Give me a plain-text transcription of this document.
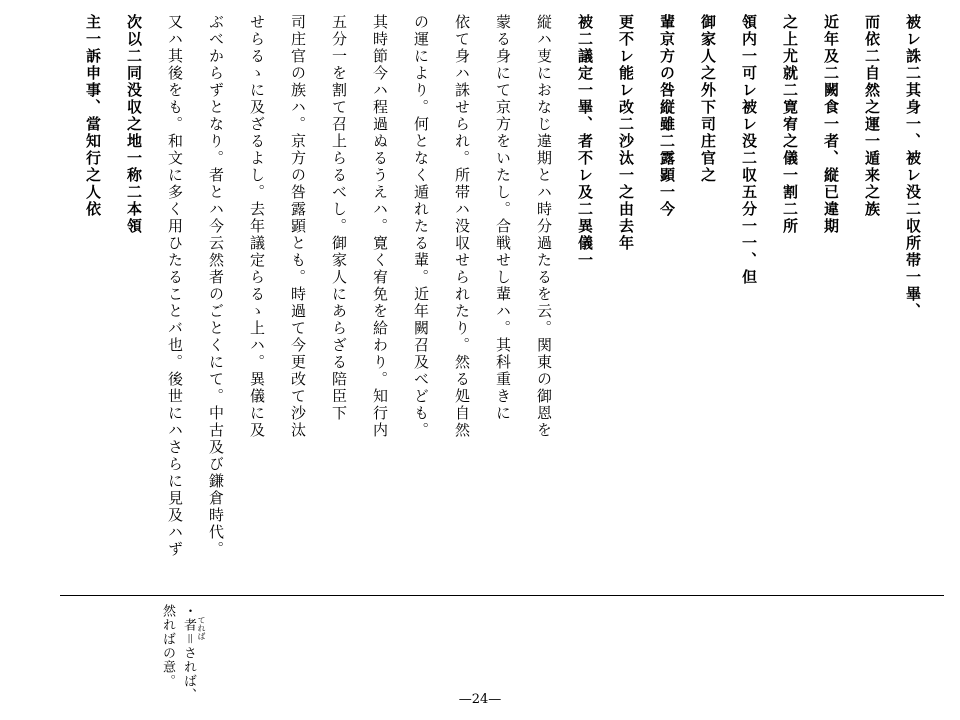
被レ誅二其身一、被レ没二収所帯一畢、
而依二自然之運一遁来之族
近年及二闕食一者、縦已違期
之上尤就二寛宥之儀一割二所
領内一可レ被レ没二収五分一一、但
御家人之外下司庄官之
輩京方の咎縦雖二露顕一今
更不レ能レ改二沙汰一之由去年
被二議定一畢、者不レ及二異儀一
縦ハ叓におなじ違期とハ時分過たるを云。関東の御恩を
蒙る身にて京方をいたし。合戦せし輩ハ。其科重きに
依て身ハ誅せられ。所帯ハ没収せられたり。然る処自然
の運により。何となく遁れたる輩。近年闕召及べども。
其時節今ハ程過ぬるうえハ。寛く宥免を給わり。知行内
五分一を割て召上らるべし。御家人にあらざる陪臣下
司庄官の族ハ。京方の咎露顕とも。時過て今更改て沙汰
せらるゝに及ざるよし。去年議定らるゝ上ハ。異儀に及
ぶべからずとなり。者とハ今云然者のごとくにて。中古及び鎌倉時代。
又ハ其後をも。和文に多く用ひたることバ也。後世にハさらに見及ハず
次以二同没収之地一称二本領
主一訴申事、當知行之人依
てれば
・者＝されば、
然ればの意。
—24—
